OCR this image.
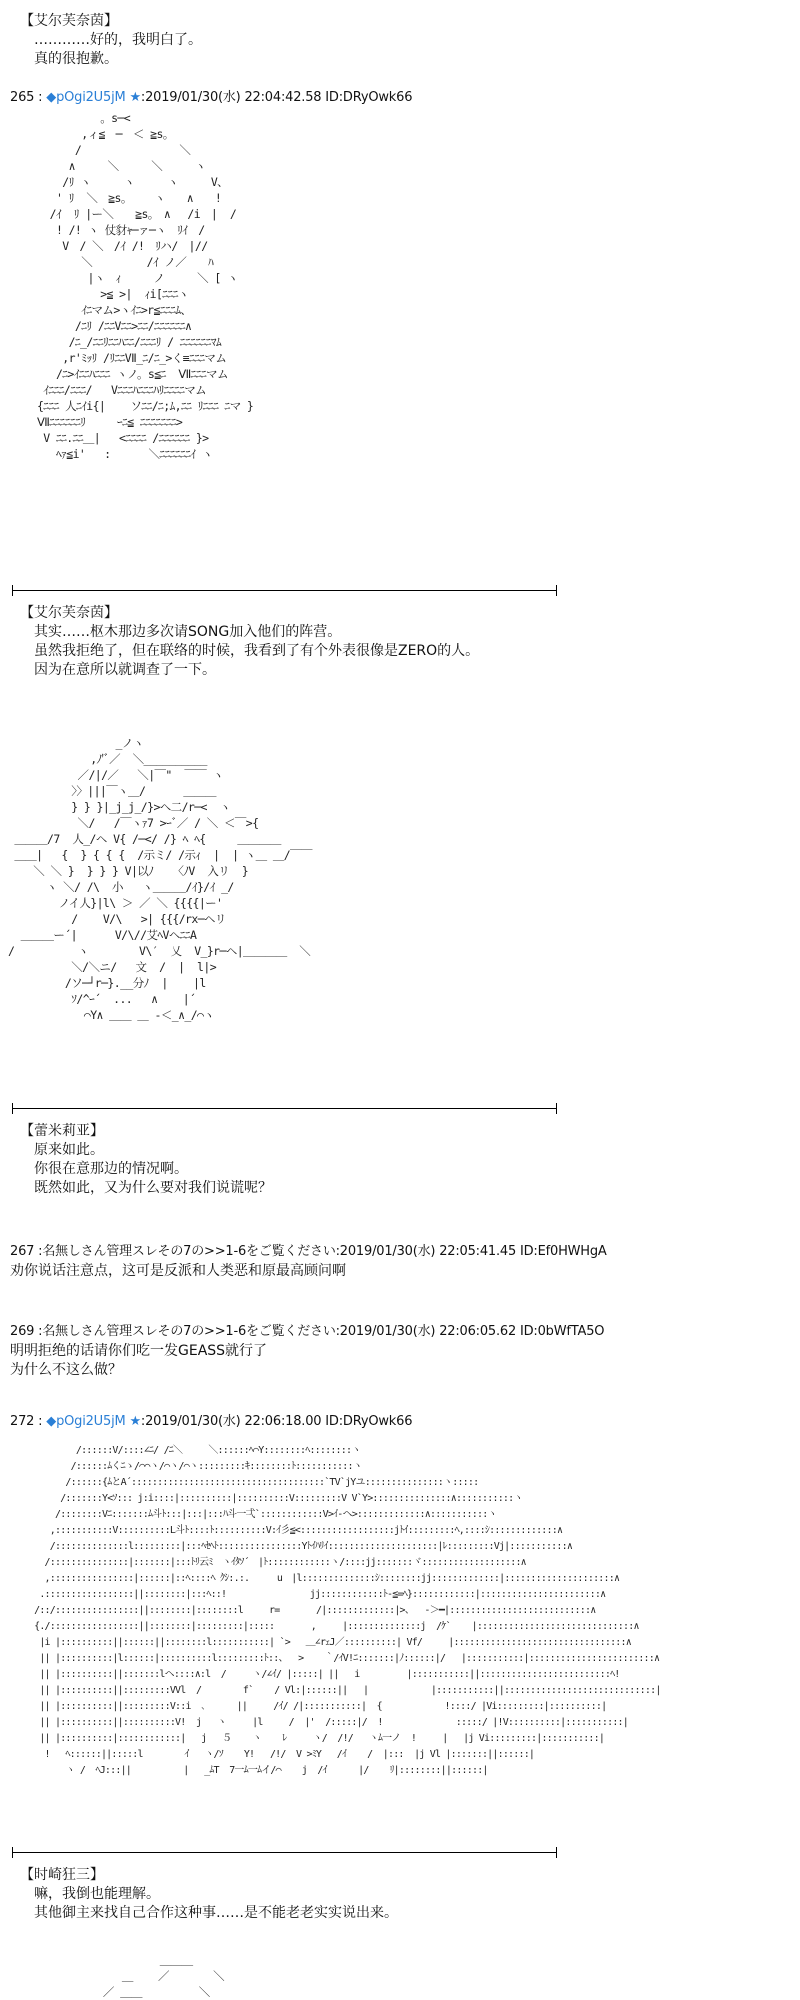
【艾尔芙奈茵】
…………好的，我明白了。
真的很抱歉。
265 : ◆pOgi2U5jM ★:2019/01/30(水) 22:04:42.58 ID:DRyOwk66
。s─<
,ィ≦　─　＜ ≧s。
/　　　　　　　　　＼
∧　　　＼　　　＼　　　ヽ
/ﾘ ヽ　　　ヽ　　　ヽ　　　V、
' ﾘ  ＼　≧s。　　 ヽ　　∧　　!
/ｲ  ﾘ |ー＼　　≧s。　∧　 /i　|  /
! /! ヽ 仗豺ｬ─ァ─ヽ　ﾘｲ　/
V　/ ＼　/ｲ /!　ﾘハ/　|//
＼　　　　　/ｲ ノ／　　ﾊ
|ヽ　ｨ　　　ノ　　　＼ [ ヽ
>≦ >|  ｨi[ﾆﾆﾆヽ
ｲﾆマム>ヽｲﾆ>r≦ﾆﾆﾆﾑ、
/ﾆﾘ /ﾆﾆVﾆﾆ>ﾆﾆ/ﾆﾆﾆﾆﾆﾆ∧
/ﾆ_/ﾆﾆﾘﾆﾆﾊﾆﾆ/ﾆﾆﾆﾘ / ﾆﾆﾆﾆﾆﾆﾏﾑ
,r'ﾐｯﾘ /ﾘﾆﾆVⅡ_ﾆ/ﾆ_>く≡ﾆﾆﾆマム
/ﾆ>ｲﾆﾆﾊﾆﾆﾆ ヽノ。s≦ﾆ  Ⅶﾆﾆﾆマム
ｲﾆﾆﾆ/ﾆﾆﾆ/   Vﾆﾆﾆﾊﾆﾆﾆﾊﾘﾆﾆﾆﾆマム
{ﾆﾆﾆ 人ﾆｲi{|    ソﾆﾆ/ﾆ;ﾑ,ﾆﾆ ﾘﾆﾆﾆ ﾆマ }
Ⅶﾆﾆﾆﾆﾆﾆﾘ     ｰﾆ≦ ﾆﾆﾆﾆﾆﾆﾆ>
V ﾆﾆ.ﾆﾆ＿|   <ﾆﾆﾆﾆ /ﾆﾆﾆﾆﾆﾆ }>
ﾍｧ≦i'   :      ＼ﾆﾆﾆﾆﾆﾆｲ ヽ
【艾尔芙奈茵】
其实……枢木那边多次请SONG加入他们的阵营。
虽然我拒绝了，但在联络的时候，我看到了有个外表很像是ZERO的人。
因为在意所以就调查了一下。
_ノヽ
,ﾉ'ﾞ／  ＼__________
／/|/／   ＼|￣"  ￣￣ ヽ
〉〉|||￣ヽ＿/      ＿＿＿
} } }|_j_j_/}>へ二/r─<  ヽ
＼/   /￣ヽｧ7 >ｰﾞ／ / ＼ ＜￣>{
＿＿＿/7  人_/ヘ V{ /─</ /} ﾍ ﾍ{     ＿＿＿＿
＿＿|   {  } { { {  /示ミ/ /示ｨ  |  | ヽ＿ ＿/￣￣
＼ ＼ }  } } } V|以ﾉ   〈ﾉV  入リ  }
ヽ ＼/ /\  小   ヽ＿＿＿/ｲ}/ｲ _/
ノイ人}|l\ ＞ ／ ＼ {{{{|ー'
/    V/\   >| {{{/rx─ヘリ
＿＿＿ー´|      V/\//艾ﾍVヘﾆﾆA
/          ヽ        V\′  乂  V_}r─ヘ|＿＿＿＿  ＼
＼/＼ニ/   文  /  |  l|>
/ソ─┘r─}.__分ﾉ  |    |l
ｿ/^ｰ´  ...   ∧    |´
⌒Y∧ ＿＿ ＿ -＜_∧_/⌒ヽ
【蕾米莉亚】
原来如此。
你很在意那边的情况啊。
既然如此，又为什么要对我们说谎呢？
267 :名無しさん管理スレその7の>>1-6をご覧ください:2019/01/30(水) 22:05:41.45 ID:Ef0HWHgA
劝你说话注意点，这可是反派和人类恶和原最高顾问啊
269 :名無しさん管理スレその7の>>1-6をご覧ください:2019/01/30(水) 22:06:05.62 ID:0bWfTA5O
明明拒绝的话请你们吃一发GEASS就行了
为什么不这么做？
272 : ◆pOgi2U5jM ★:2019/01/30(水) 22:06:18.00 ID:DRyOwk66
/::::::V/::::∠ﾆ/ /ﾆ＼     ＼::::::ﾍ⌒Y::::::::ﾍ::::::::ヽ
/::::::ﾑくﾆゝ/⌒⌒ヽ/⌒ヽ/⌒ヽ:::::::::ｷ::::::::ﾄ:::::::::::ヽ
/::::::{ﾑとA´:::::::::::::::::::::::::::::::::::::`TV`jYユ:::::::::::::::ヽ:::::
/:::::::Y<ｿ::: j:i::::|::::::::::|::::::::::V:::::::::V V`Y>:::::::::::::::∧:::::::::::ヽ
/::::::::Vﾆ:::::::ﾑ斗ﾄ:::|:::|:::ﾊ斗一弌`::::::::::::V>ｲ-ヘ>:::::::::::::∧:::::::::::ヽ
,:::::::::::V::::::::::L斗ﾄ::::ﾄ::::::::::V:ｲ彡≦<::::::::::::::::::jﾄｲ:::::::::ﾍ,::::ｼ:::::::::::::∧
/::::::::::::::l:::::::::|:::ﾍｾﾍﾄ::::::::::::::::Yﾄｲﾊﾘｲ:::::::::::::::::::::|ﾚ:::::::::Vj|:::::::::::∧
/:::::::::::::::|:::::::|:::ﾄﾘ云ﾐ　ヽｲﾀｿ´　|ﾄ::::::::::::ヽ/::::jj:::::::ヾ:::::::::::::::::::∧
,::::::::::::::::|::::::|::ﾍ::::ﾍ ｸｼ:.:.　　　u　|l::::::::::::::ｼ::::::::jj:::::::::::::|:::::::::::::::::::::∧
.:::::::::::::::::||::::::::|:::ﾍ::!                jj::::::::::::ﾄ-≦=ﾍ}::::::::::::|:::::::::::::::::::::::∧
/::/::::::::::::::::||::::::::|::::::::l     r=       /|:::::::::::::|>、  -＞━|:::::::::::::::::::::::::::∧
{./:::::::::::::::::||::::::::|:::::::::|:::::       ,     |::::::::::::::j  /ｹ`    |::::::::::::::::::::::::::::::∧
|i |::::::::::||::::::||::::::::l:::::::::::| `>   ＿∠rｪJ／::::::::::| Vf/     |:::::::::::::::::::::::::::::::::∧
|| |::::::::::|l::::::|::::::::::l:::::::::ﾄ::、  >    ｀/ｲV!ﾆ:::::::|ﾉ::::::|/   |:::::::::::|::::::::::::::::::::::::∧
|| |::::::::::||:::::::lヘ::::∧:l  /     ヽ/∠ｲ/ |:::::| ||   i         |:::::::::::||:::::::::::::::::::::::::ﾍ!
|| |::::::::::||:::::::::VVl  /        f`    / Vl:|::::::||   |            |:::::::::::||:::::::::::::::::::::::::::::|
|| |::::::::::||:::::::::V::i  ､      ||     /ｲ/ /|:::::::::::|  {            !::::/ |Vi:::::::::|::::::::::|
|| |::::::::::||::::::::::V!  j   ヽ     |l     /  |'  /:::::|/  !              :::::/ |!V::::::::::|:::::::::::|
|| |::::::::::|::::::::::::|   j   ５    ヽ    ﾚ     ヽ/  /!/   ヽﾑ一ノ  !     |   |j Vi:::::::::|:::::::::::|
!   ﾍ::::::||:::::l        ｲ   ヽ/ｿ    Y!   /!/  V >ﾐY   /ｲ    /  |:::  |j Vl |:::::::||::::::|
ヽ /  ﾍJ:::||          |   _ﾑT  7一ﾑ一ﾑイ/⌒    j  /ｲ      |/    ﾘ|::::::::||::::::|
【时崎狂三】
嘛，我倒也能理解。
其他御主来找自己合作这种事……是不能老老实实说出来。
＿＿＿
＿    ／       ＼
／ ＿＿         ＼
